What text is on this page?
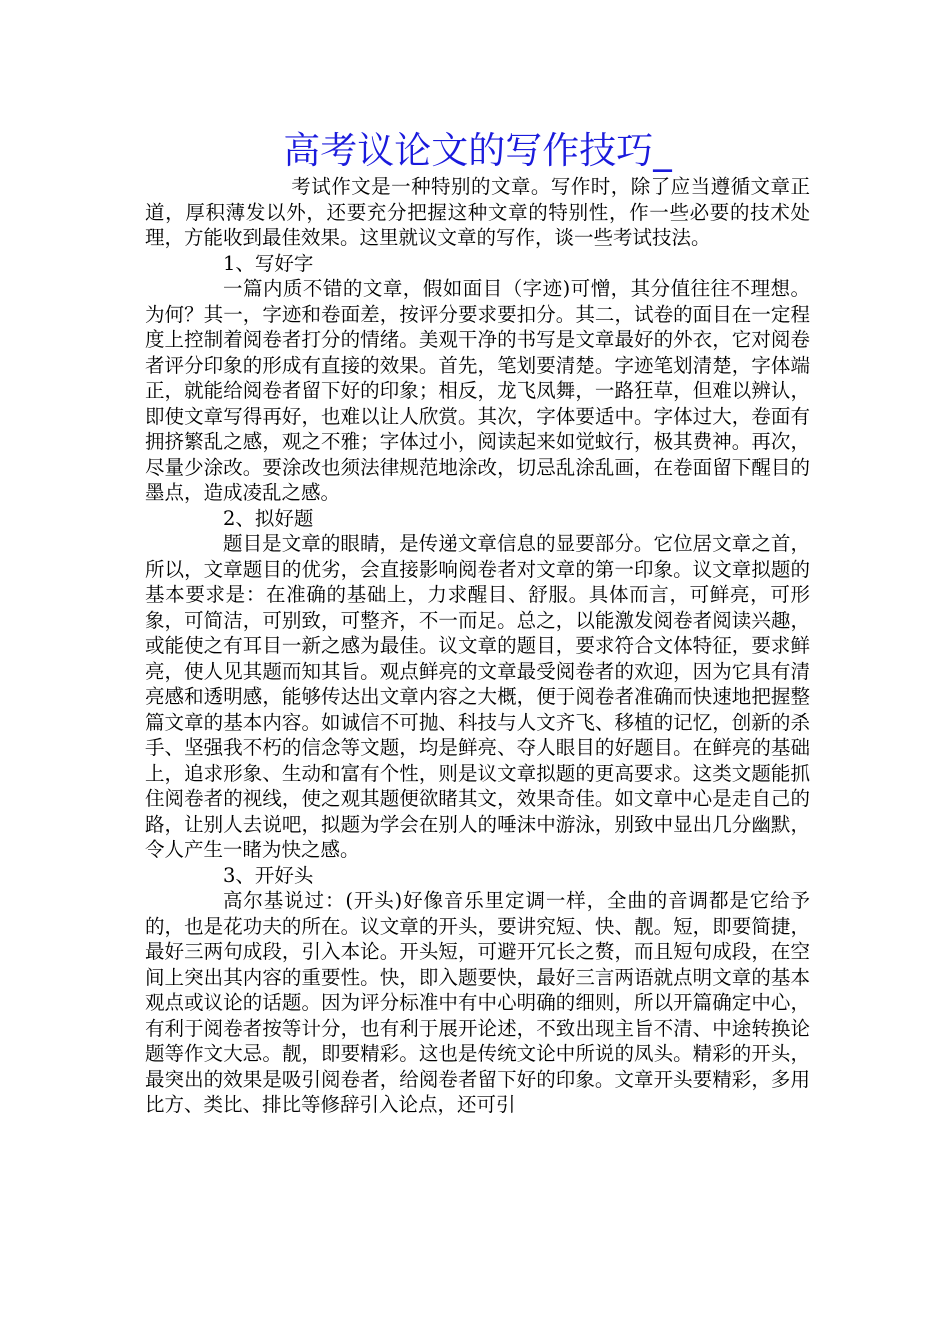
高考议论文的写作技巧_

考试作文是一种特别的文章。写作时，除了应当遵循文章正道，厚积薄发以外，还要充分把握这种文章的特别性，作一些必要的技术处理，方能收到最佳效果。这里就议文章的写作，谈一些考试技法。

1、写好字

一篇内质不错的文章，假如面目（字迹)可憎，其分值往往不理想。为何？其一，字迹和卷面差，按评分要求要扣分。其二，试卷的面目在一定程度上控制着阅卷者打分的情绪。美观干净的书写是文章最好的外衣，它对阅卷者评分印象的形成有直接的效果。首先，笔划要清楚。字迹笔划清楚，字体端正，就能给阅卷者留下好的印象；相反，龙飞凤舞，一路狂草，但难以辨认，即使文章写得再好，也难以让人欣赏。其次，字体要适中。字体过大，卷面有拥挤繁乱之感，观之不雅；字体过小，阅读起来如觉蚊行，极其费神。再次，尽量少涂改。要涂改也须法律规范地涂改，切忌乱涂乱画，在卷面留下醒目的墨点，造成凌乱之感。

2、拟好题

题目是文章的眼睛，是传递文章信息的显要部分。它位居文章之首，所以，文章题目的优劣，会直接影响阅卷者对文章的第一印象。议文章拟题的基本要求是：在准确的基础上，力求醒目、舒服。具体而言，可鲜亮，可形象，可简洁，可别致，可整齐，不一而足。总之，以能激发阅卷者阅读兴趣，或能使之有耳目一新之感为最佳。议文章的题目，要求符合文体特征，要求鲜亮，使人见其题而知其旨。观点鲜亮的文章最受阅卷者的欢迎，因为它具有清亮感和透明感，能够传达出文章内容之大概，便于阅卷者准确而快速地把握整篇文章的基本内容。如诚信不可抛、科技与人文齐飞、移植的记忆，创新的杀手、坚强我不朽的信念等文题，均是鲜亮、夺人眼目的好题目。在鲜亮的基础上，追求形象、生动和富有个性，则是议文章拟题的更高要求。这类文题能抓住阅卷者的视线，使之观其题便欲睹其文，效果奇佳。如文章中心是走自己的路，让别人去说吧，拟题为学会在别人的唾沫中游泳，别致中显出几分幽默，令人产生一睹为快之感。

3、开好头

高尔基说过：(开头)好像音乐里定调一样，全曲的音调都是它给予的，也是花功夫的所在。议文章的开头，要讲究短、快、靓。短，即要简捷，最好三两句成段，引入本论。开头短，可避开冗长之赘，而且短句成段，在空间上突出其内容的重要性。快，即入题要快，最好三言两语就点明文章的基本观点或议论的话题。因为评分标准中有中心明确的细则，所以开篇确定中心，有利于阅卷者按等计分，也有利于展开论述，不致出现主旨不清、中途转换论题等作文大忌。靓，即要精彩。这也是传统文论中所说的凤头。精彩的开头，最突出的效果是吸引阅卷者，给阅卷者留下好的印象。文章开头要精彩，多用比方、类比、排比等修辞引入论点，还可引
